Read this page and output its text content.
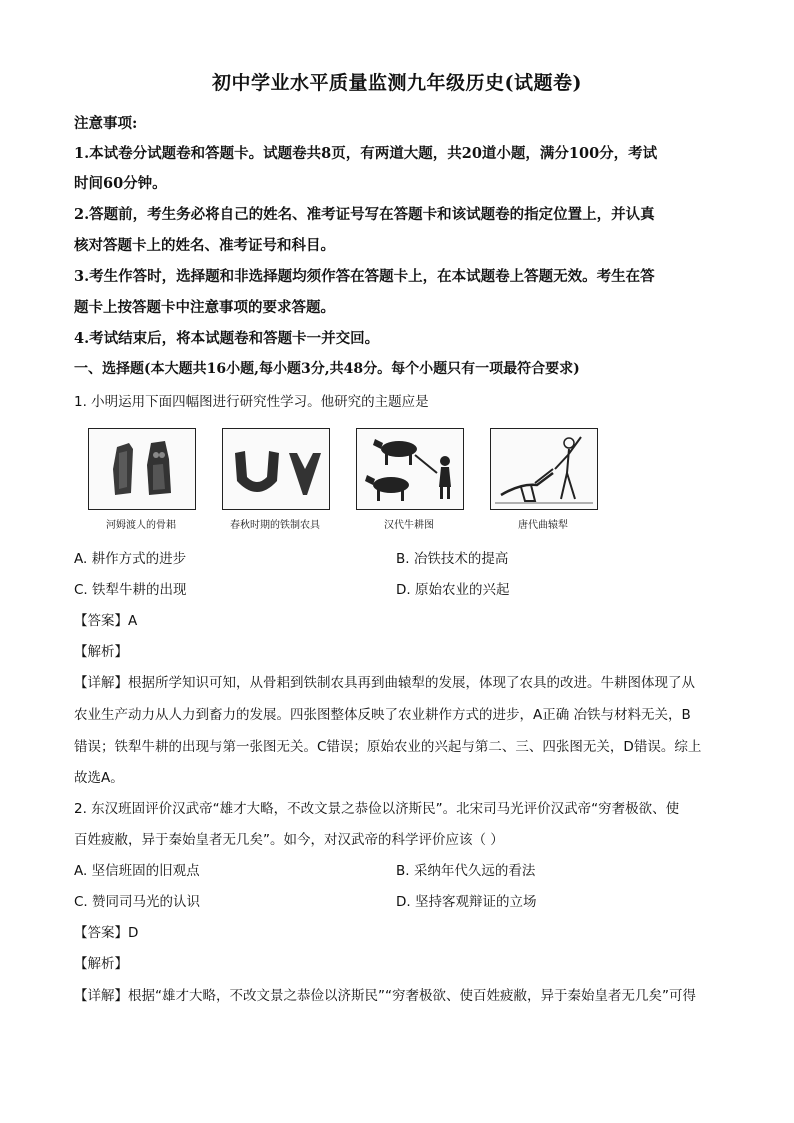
初中学业水平质量监测九年级历史(试题卷)
注意事项:
1.本试卷分试题卷和答题卡。试题卷共8页，有两道大题，共20道小题，满分100分，考试
时间60分钟。
2.答题前，考生务必将自己的姓名、准考证号写在答题卡和该试题卷的指定位置上，并认真
核对答题卡上的姓名、准考证号和科目。
3.考生作答时，选择题和非选择题均须作答在答题卡上，在本试题卷上答题无效。考生在答
题卡上按答题卡中注意事项的要求答题。
4.考试结束后，将本试题卷和答题卡一并交回。
一、选择题(本大题共16小题,每小题3分,共48分。每个小题只有一项最符合要求)
1. 小明运用下面四幅图进行研究性学习。他研究的主题应是
河姆渡人的骨耜	春秋时期的铁制农具	汉代牛耕图	唐代曲辕犁
A. 耕作方式的进步	B. 冶铁技术的提高
C. 铁犁牛耕的出现	D. 原始农业的兴起
【答案】A
【解析】
【详解】根据所学知识可知，从骨耜到铁制农具再到曲辕犁的发展，体现了农具的改进。牛耕图体现了从
农业生产动力从人力到畜力的发展。四张图整体反映了农业耕作方式的进步，A正确 冶铁与材料无关，B
错误；铁犁牛耕的出现与第一张图无关。C错误；原始农业的兴起与第二、三、四张图无关，D错误。综上
故选A。
2. 东汉班固评价汉武帝“雄才大略，不改文景之恭俭以济斯民”。北宋司马光评价汉武帝“穷奢极欲、使
百姓疲敝，异于秦始皇者无几矣”。如今，对汉武帝的科学评价应该（ ）
A. 坚信班固的旧观点	B. 采纳年代久远的看法
C. 赞同司马光的认识	D. 坚持客观辩证的立场
【答案】D
【解析】
【详解】根据“雄才大略，不改文景之恭俭以济斯民”“穷奢极欲、使百姓疲敝，异于秦始皇者无几矣”可得
